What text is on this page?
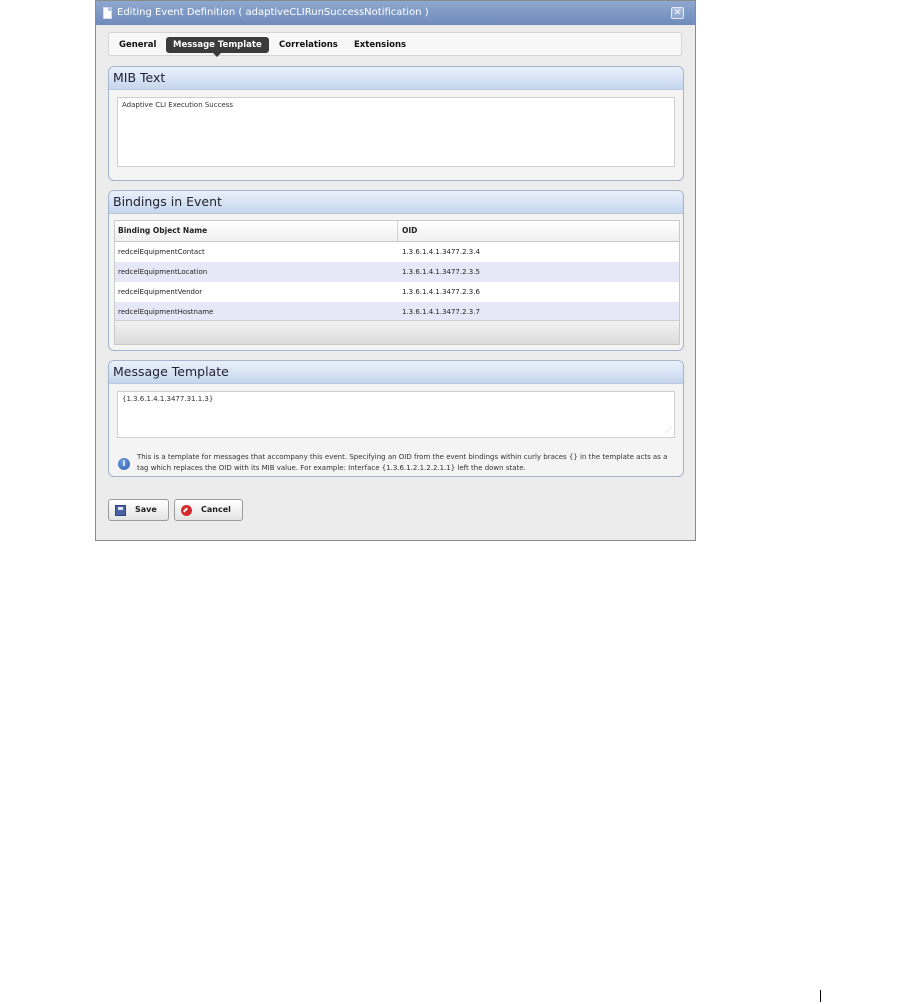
Editing Event Definition ( adaptiveCLIRunSuccessNotification )	✕
General	Message Template	Correlations	Extensions
MIB Text
Adaptive CLI Execution Success
Bindings in Event
Binding Object Name	OID
redcelEquipmentContact	1.3.6.1.4.1.3477.2.3.4
redcelEquipmentLocation	1.3.6.1.4.1.3477.2.3.5
redcelEquipmentVendor	1.3.6.1.4.1.3477.2.3.6
redcelEquipmentHostname	1.3.6.1.4.1.3477.2.3.7
Message Template
{1.3.6.1.4.1.3477.31.1.3}
⋰
i
This is a template for messages that accompany this event. Specifying an OID from the event bindings within curly braces {} in the template acts as a tag which replaces the OID with its MIB value. For example: Interface {1.3.6.1.2.1.2.2.1.1} left the down state.
Save	Cancel
